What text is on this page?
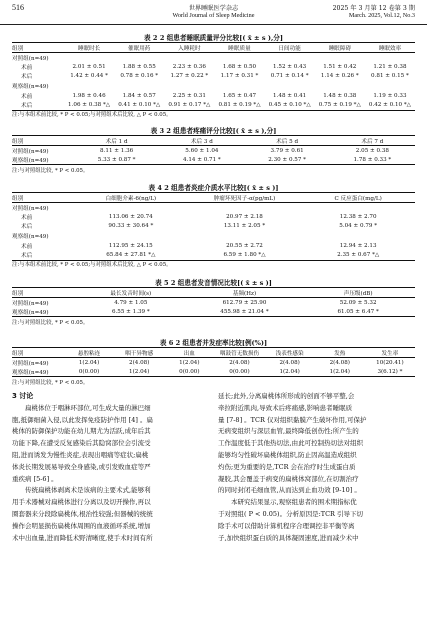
516	世界睡眠医学杂志
World Journal of Sleep Medicine
2025 年 3 月第 12 卷第 3 期
March. 2025, Vol.12, No.3
表 2 2 组患者睡眠质量评分比较[( x̄ ± s ),分]
组别	睡眠时长	催眠用药	入睡耗时	睡眠质量	日间功能	睡眠障碍	睡眠效率
对照组(n=49)							
术前	2.01 ± 0.51	1.88 ± 0.55	2.23 ± 0.36	1.68 ± 0.50	1.52 ± 0.43	1.51 ± 0.42	1.21 ± 0.38
术后	1.42 ± 0.44 *	0.78 ± 0.16 *	1.27 ± 0.22 *	1.17 ± 0.31 *	0.71 ± 0.14 *	1.14 ± 0.26 *	0.81 ± 0.15 *
观察组(n=49)							
术前	1.98 ± 0.46	1.84 ± 0.57	2.25 ± 0.31	1.65 ± 0.47	1.48 ± 0.41	1.48 ± 0.38	1.19 ± 0.33
术后	1.06 ± 0.38 *△	0.41 ± 0.10 *△	0.91 ± 0.17 *△	0.81 ± 0.19 *△	0.45 ± 0.10 *△	0.75 ± 0.19 *△	0.42 ± 0.10 *△
注:与本组术前比较, * P < 0.05;与对照组术后比较, △ P < 0.05。
表 3 2 组患者疼痛评分比较[( x̄ ± s ),分]
组别	术后 1 d	术后 3 d	术后 5 d	术后 7 d
对照组(n=49)	8.11 ± 1.36	5.60 ± 1.04	3.79 ± 0.61	2.05 ± 0.38
观察组(n=49)	5.33 ± 0.87 *	4.14 ± 0.71 *	2.30 ± 0.57 *	1.78 ± 0.33 *
注:与对照组比较, * P < 0.05。
表 4 2 组患者炎症介质水平比较[( x̄ ± s )]
组别	白细胞介素-6(ng/L)	肿瘤坏死因子-α(pg/mL)	C 反应蛋白(mg/L)
对照组(n=49)			
术前	113.06 ± 20.74	20.97 ± 2.18	12.38 ± 2.70
术后	90.33 ± 30.64 *	13.11 ± 2.05 *	5.04 ± 0.79 *
观察组(n=49)			
术前	112.95 ± 24.15	20.55 ± 2.72	12.94 ± 2.13
术后	65.84 ± 27.81 *△	6.59 ± 1.80 *△	2.35 ± 0.67 *△
注:与本组术前比较, * P < 0.05;与对照组术后比较, △ P < 0.05。
表 5 2 组患者发音情况比较[( x̄ ± s )]
组别	最长发音时间(s)	基频(Hz)	声压级(dB)
对照组(n=49)	4.79 ± 1.05	612.79 ± 25.90	52.09 ± 5.32
观察组(n=49)	6.55 ± 1.39 *	455.98 ± 21.04 *	61.05 ± 6.47 *
注:与对照组比较, * P < 0.05。
表 6 2 组患者并发症率比较[例(%)]
组别	悬腔粘连	咽干异物感	出血	咽鼓管无数损伤	浅表性感染	发热	发生率
对照组(n=49)	1(2.04)	2(4.08)	1(2.04)	2(4.08)	2(4.08)	2(4.08)	10(20.41)
观察组(n=49)	0(0.00)	1(2.04)	0(0.00)	0(0.00)	1(2.04)	1(2.04)	3(6.12) *
注:与对照组比较, * P < 0.05。
3 讨论
扁桃体位于咽淋环部位,可生成大量的淋巴细
胞,抵御细菌入侵,以此发挥免疫防护作用 [4] 。扁
桃体的防御保护功能在幼儿期尤为活跃,成年后其
功能下降,在遭受反复感染后其隐窝部位会引流受
阻,进而诱发为慢性炎症,表现出咽痛等症状;扁桃
体炎长期发展易导致全身感染,或引发败血症等严
重疾病 [5-6] 。
传统扁桃体剥离术是该病的主要术式,能够利
用手术器械对扁桃体进行分离以及切开操作,再以
圈套器来分段除扁桃体,根治性较强;但器械的统统
操作会明显损伤扁桃体周围的血液循环系统,增加
术中出血量,进而降低术野清晰度,使手术时间有所
延长;此外,分离扁桃体所形成的创面不够平整,会
牵拉附近肌肉,导致术后疼痛感,影响患者睡眠质
量 [7-8] 。TCR 仅对组织黏膜产生破坏作用,可保护
无病变组织与深层血管,最终降低创伤性;所产生的
工作温度低于其他热切法,由此可控制热切法对组织
能够均匀性破坏扁桃体组织,防止因高温造成组织
灼伤;更为重要的是,TCR 会在治疗时生成蛋白质
凝胶,其会覆盖于病变的扁桃体窝部位,在切割治疗
的同时封闭毛细血管,从而达到止血功效 [9-10] 。
本研究结果显示,观察组患者的围术期指标优
于对照组( P < 0.05)。分析原因是:TCR 引导下切
除手术可以借助计算机程序合理调控非平衡等离
子,加快组织蛋白质的具体凝固速度,进而减少术中
